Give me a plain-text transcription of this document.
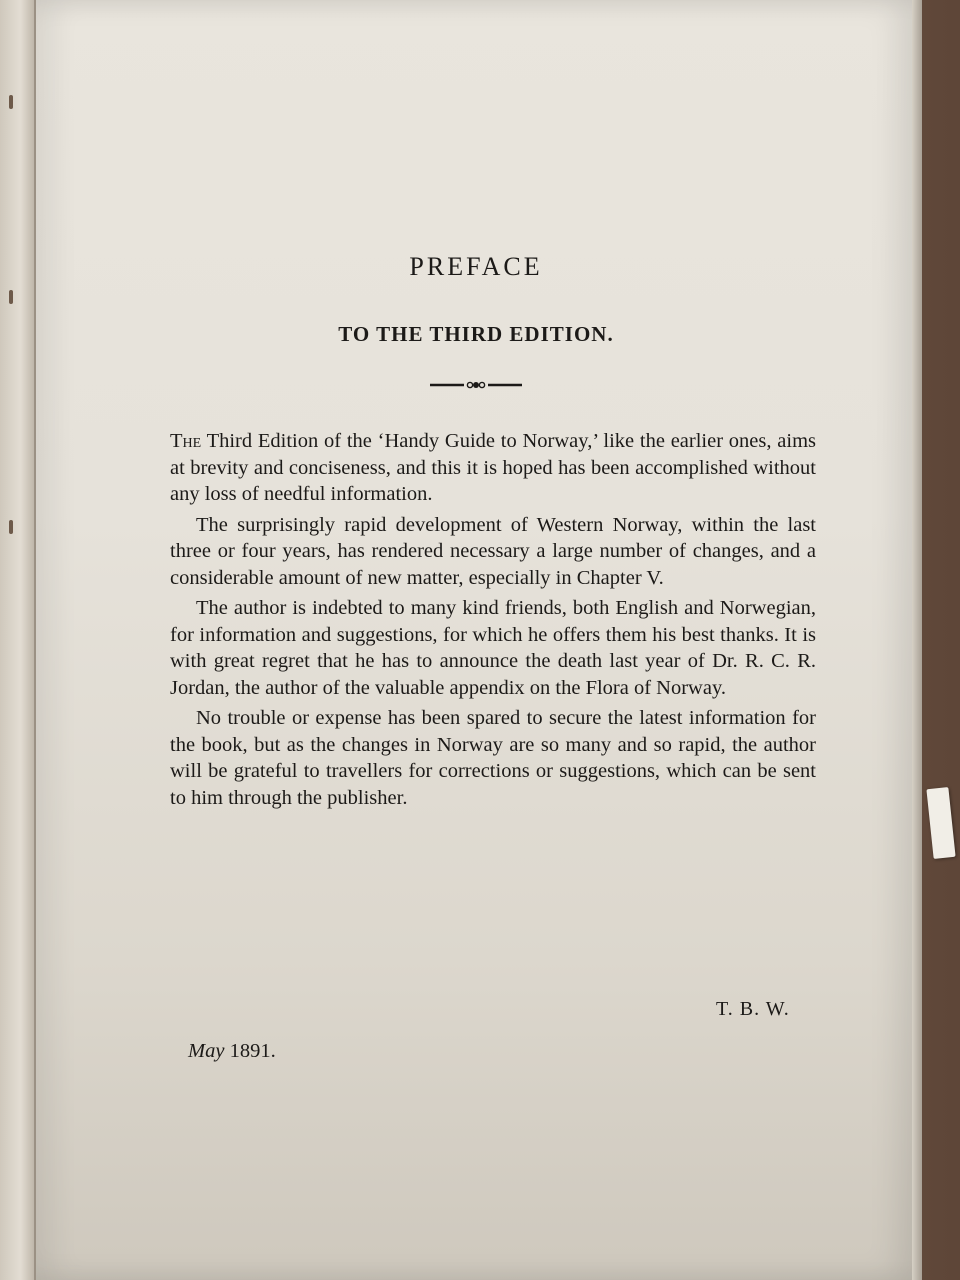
PREFACE
TO THE THIRD EDITION.

The Third Edition of the ‘Handy Guide to Norway,’ like the earlier ones, aims at brevity and conciseness, and this it is hoped has been accomplished without any loss of needful information.

The surprisingly rapid development of Western Norway, within the last three or four years, has rendered necessary a large number of changes, and a considerable amount of new matter, especially in Chapter V.

The author is indebted to many kind friends, both English and Norwegian, for information and suggestions, for which he offers them his best thanks. It is with great regret that he has to announce the death last year of Dr. R. C. R. Jordan, the author of the valuable appendix on the Flora of Norway.

No trouble or expense has been spared to secure the latest information for the book, but as the changes in Norway are so many and so rapid, the author will be grateful to travellers for corrections or suggestions, which can be sent to him through the publisher.

T. B. W.
May 1891.
